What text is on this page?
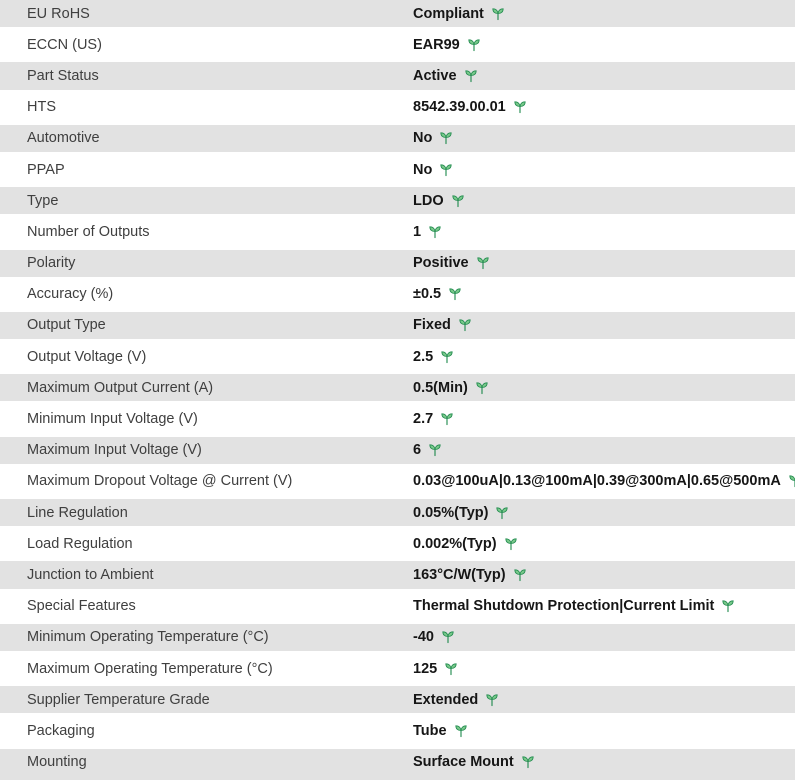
EU RoHS	Compliant
ECCN (US)	EAR99
Part Status	Active
HTS	8542.39.00.01
Automotive	No
PPAP	No
Type	LDO
Number of Outputs	1
Polarity	Positive
Accuracy (%)	±0.5
Output Type	Fixed
Output Voltage (V)	2.5
Maximum Output Current (A)	0.5(Min)
Minimum Input Voltage (V)	2.7
Maximum Input Voltage (V)	6
Maximum Dropout Voltage @ Current (V)	0.03@100uA|0.13@100mA|0.39@300mA|0.65@500mA
Line Regulation	0.05%(Typ)
Load Regulation	0.002%(Typ)
Junction to Ambient	163°C/W(Typ)
Special Features	Thermal Shutdown Protection|Current Limit
Minimum Operating Temperature (°C)	-40
Maximum Operating Temperature (°C)	125
Supplier Temperature Grade	Extended
Packaging	Tube
Mounting	Surface Mount
